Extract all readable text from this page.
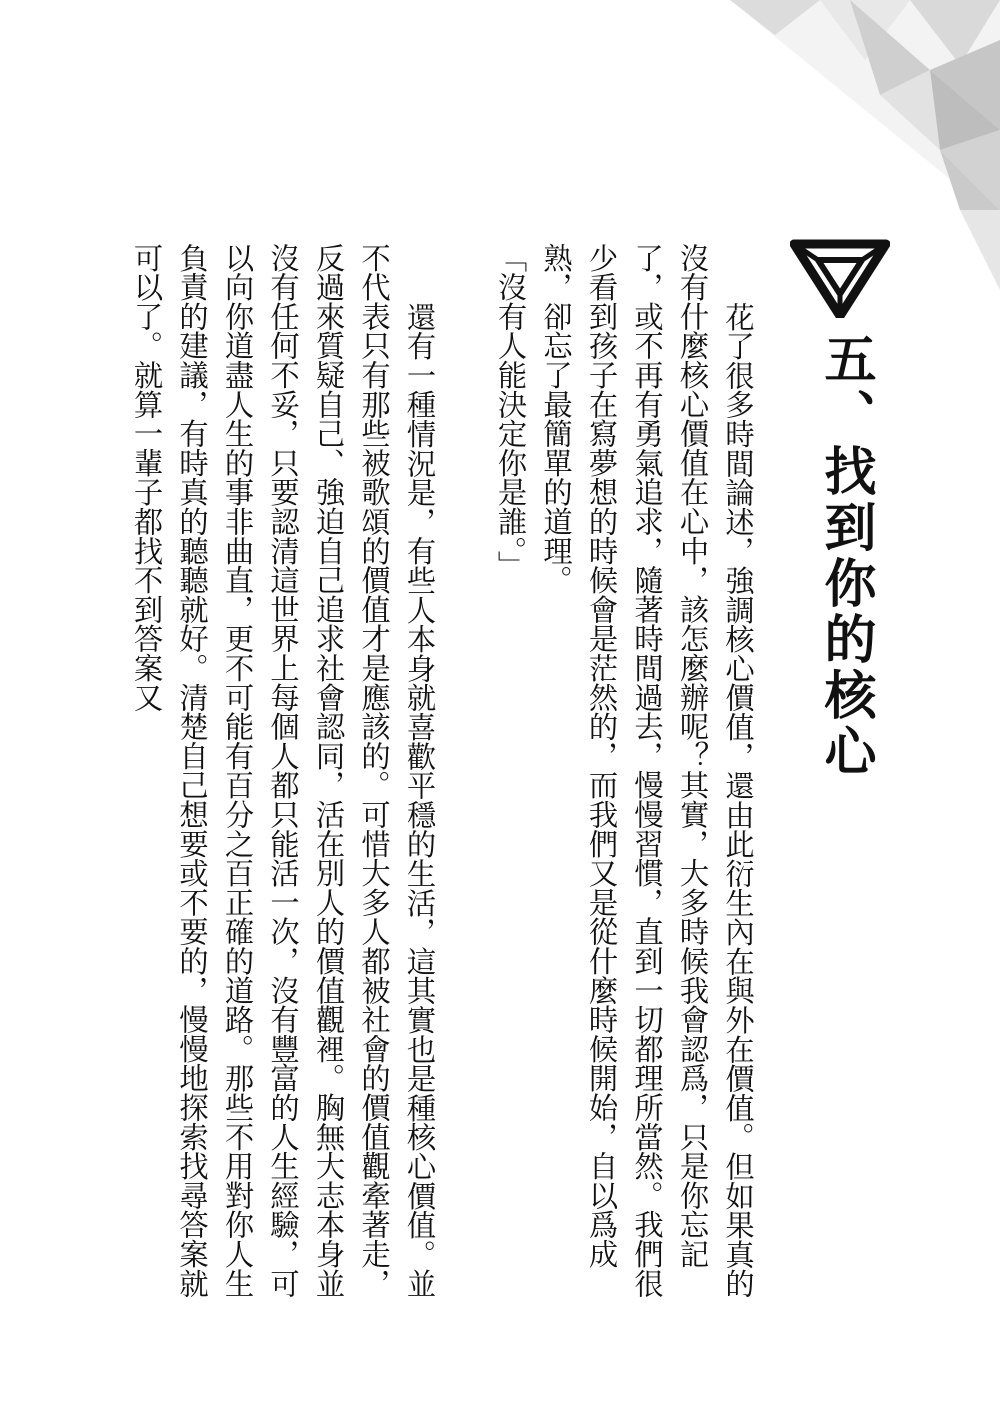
五、找到你的核心

花了很多時間論述，強調核心價值，還由此衍生內在與外在價值。但如果真的沒有什麼核心價值在心中，該怎麼辦呢？其實，大多時候我會認爲，只是你忘記了，或不再有勇氣追求，隨著時間過去，慢慢習慣，直到一切都理所當然。我們很少看到孩子在寫夢想的時候會是茫然的，而我們又是從什麼時候開始，自以爲成熟，卻忘了最簡單的道理。

「沒有人能決定你是誰。」

還有一種情況是，有些人本身就喜歡平穩的生活，這其實也是種核心價值。並不代表只有那些被歌頌的價值才是應該的。可惜大多人都被社會的價值觀牽著走，反過來質疑自己、強迫自己追求社會認同，活在別人的價值觀裡。胸無大志本身並沒有任何不妥，只要認清這世界上每個人都只能活一次，沒有豐富的人生經驗，可以向你道盡人生的事非曲直，更不可能有百分之百正確的道路。那些不用對你人生負責的建議，有時真的聽聽就好。清楚自己想要或不要的，慢慢地探索找尋答案就可以了。就算一輩子都找不到答案又
